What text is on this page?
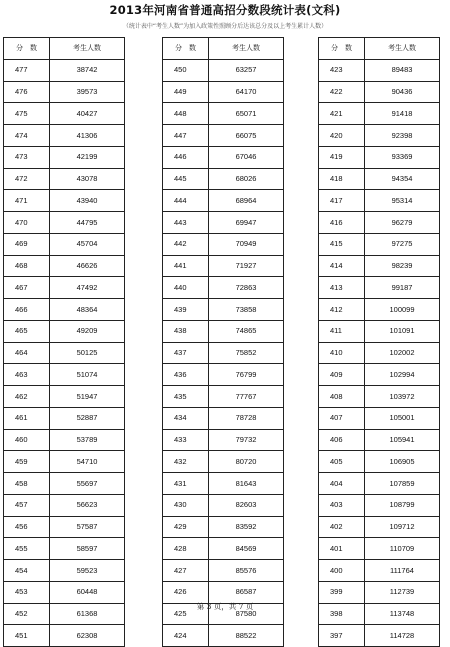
2013年河南省普通高招分数段统计表(文科)
（统计表中“考生人数”为加入政策性照顾分后达该总分及以上考生累计人数）
分　数	考生人数
477	38742
476	39573
475	40427
474	41306
473	42199
472	43078
471	43940
470	44795
469	45704
468	46626
467	47492
466	48364
465	49209
464	50125
463	51074
462	51947
461	52887
460	53789
459	54710
458	55697
457	56623
456	57587
455	58597
454	59523
453	60448
452	61368
451	62308
分　数	考生人数
450	63257
449	64170
448	65071
447	66075
446	67046
445	68026
444	68964
443	69947
442	70949
441	71927
440	72863
439	73858
438	74865
437	75852
436	76799
435	77767
434	78728
433	79732
432	80720
431	81643
430	82603
429	83592
428	84569
427	85576
426	86587
425	87580
424	88522
分　数	考生人数
423	89483
422	90436
421	91418
420	92398
419	93369
418	94354
417	95314
416	96279
415	97275
414	98239
413	99187
412	100099
411	101091
410	102002
409	102994
408	103972
407	105001
406	105941
405	106905
404	107859
403	108799
402	109712
401	110709
400	111764
399	112739
398	113748
397	114728
第 3 页，共 7 页
